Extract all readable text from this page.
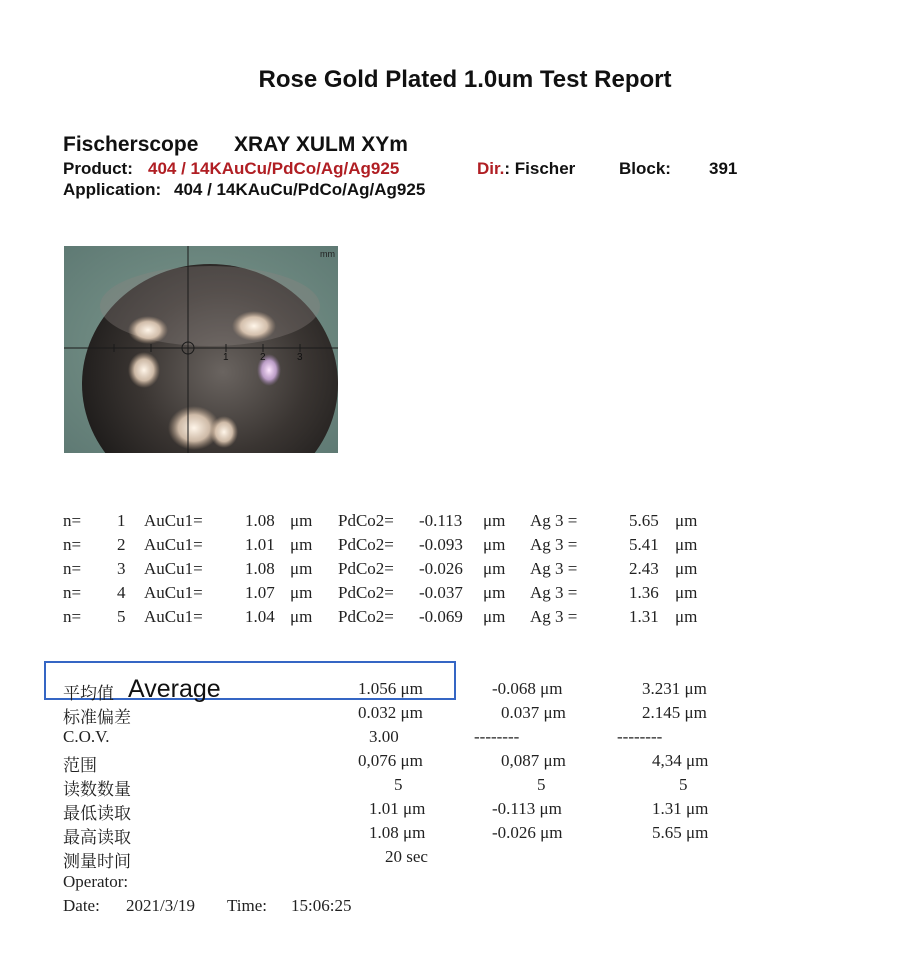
Rose Gold Plated 1.0um Test Report
Fischerscope XRAY XULM XYm
Product: 404 / 14KAuCu/PdCo/Ag/Ag925	Dir.: Fischer	Block: 391
Application: 404 / 14KAuCu/PdCo/Ag/Ag925
mm
1	2	3
n= 1 AuCu1= 1.08 μm PdCo2= -0.113 μm Ag 3 =	5.65 μm
n= 2 AuCu1= 1.01 μm PdCo2= -0.093 μm Ag 3 =	5.41 μm
n= 3 AuCu1= 1.08 μm PdCo2= -0.026 μm Ag 3 =	2.43 μm
n= 4 AuCu1= 1.07 μm PdCo2= -0.037 μm Ag 3 =	1.36 μm
n= 5 AuCu1= 1.04 μm PdCo2= -0.069 μm Ag 3 =	1.31 μm
平均值 Average	1.056 μm	-0.068 μm	3.231 μm
标准偏差	0.032 μm	0.037 μm	2.145 μm
C.O.V.	3.00	--------	--------
范围	0,076 μm	0,087 μm	4,34 μm
读数数量	5	5	5
最低读取	1.01 μm	-0.113 μm	1.31 μm
最高读取	1.08 μm	-0.026 μm	5.65 μm
测量时间	20 sec
Operator:
Date: 2021/3/19 Time: 15:06:25
